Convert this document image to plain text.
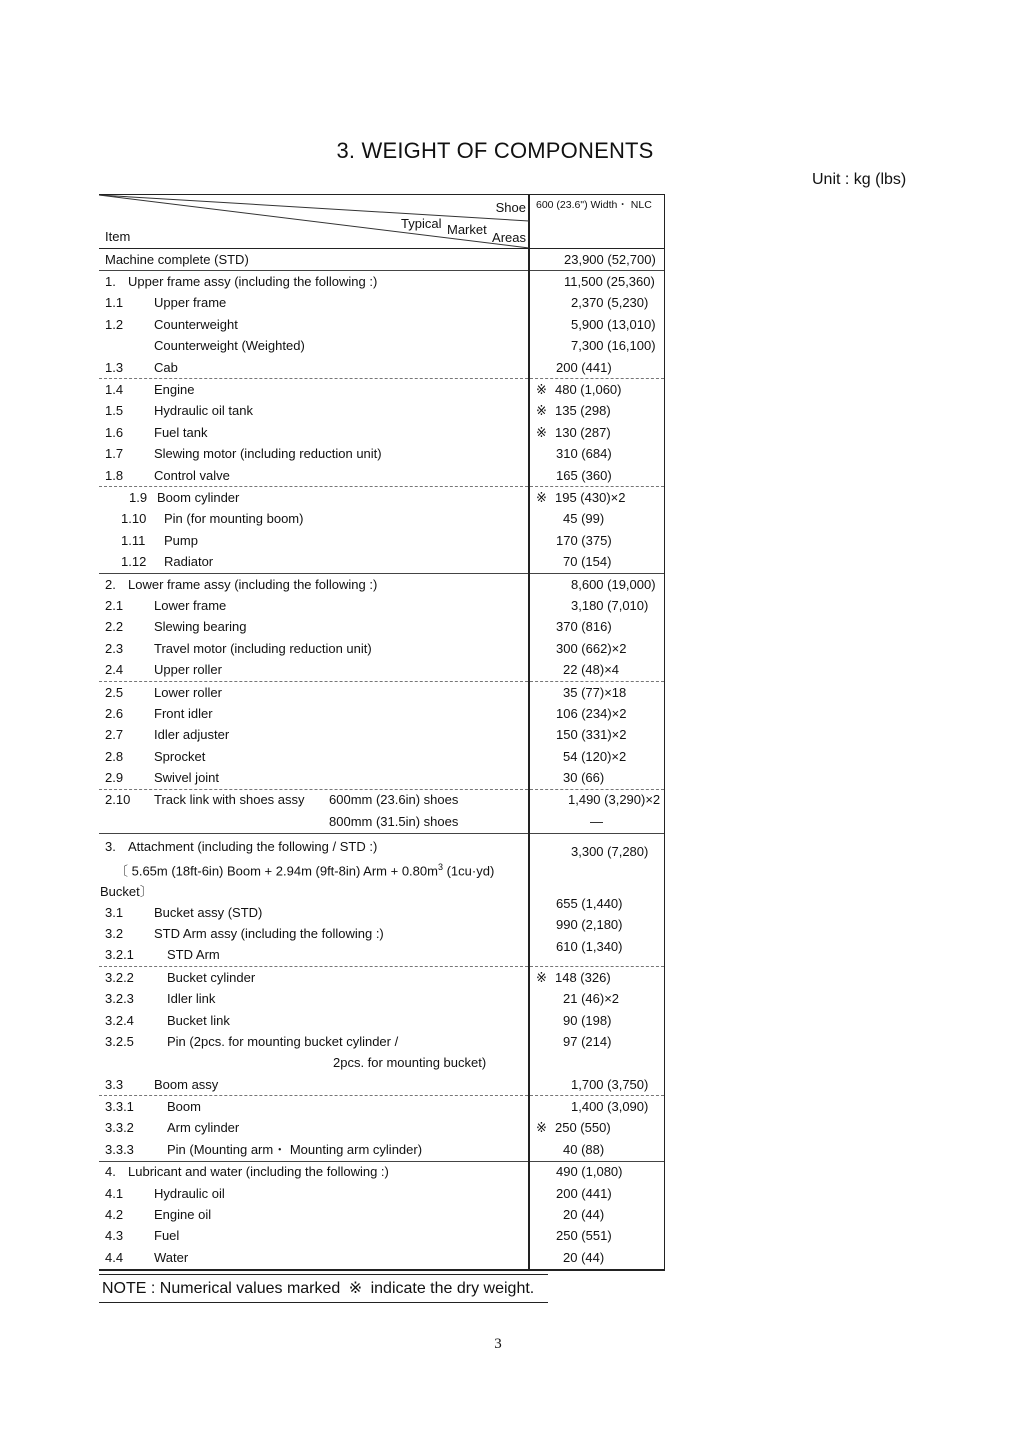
3. WEIGHT OF COMPONENTS
Unit : kg (lbs)
Shoe
Typical Market
Areas
Item	600 (23.6") Width・ NLC
Machine complete (STD)	23,900 (52,700)
1. Upper frame assy (including the following :)	11,500 (25,360)
1.1 Upper frame	2,370 (5,230)
1.2 Counterweight	5,900 (13,010)
Counterweight (Weighted)	7,300 (16,100)
1.3 Cab	200 (441)
1.4 Engine	※ 480 (1,060)
1.5 Hydraulic oil tank	※ 135 (298)
1.6 Fuel tank	※ 130 (287)
1.7 Slewing motor (including reduction unit)	310 (684)
1.8 Control valve	165 (360)
1.9 Boom cylinder	※ 195 (430)×2
1.10 Pin (for mounting boom)	45 (99)
1.11 Pump	170 (375)
1.12 Radiator	70 (154)
2. Lower frame assy (including the following :)	8,600 (19,000)
2.1 Lower frame	3,180 (7,010)
2.2 Slewing bearing	370 (816)
2.3 Travel motor (including reduction unit)	300 (662)×2
2.4 Upper roller	22 (48)×4
2.5 Lower roller	35 (77)×18
2.6 Front idler	106 (234)×2
2.7 Idler adjuster	150 (331)×2
2.8 Sprocket	54 (120)×2
2.9 Swivel joint	30 (66)
2.10 Track link with shoes assy 600mm (23.6in) shoes	1,490 (3,290)×2
800mm (31.5in) shoes	—

3. Attachment (including the following / STD :)
〔 5.65m (18ft-6in) Boom + 2.94m (9ft-8in) Arm + $0.80m^3$ (1cu·yd)
Bucket〕	3,300 (7,280)
3.1 Bucket assy (STD)	655 (1,440)
3.2 STD Arm assy (including the following :)	990 (2,180)
3.2.1 STD Arm	610 (1,340)
3.2.2 Bucket cylinder	※ 148 (326)
3.2.3 Idler link	21 (46)×2
3.2.4 Bucket link	90 (198)
3.2.5 Pin (2pcs. for mounting bucket cylinder /	97 (214)
2pcs. for mounting bucket)	
3.3 Boom assy	1,700 (3,750)
3.3.1 Boom	1,400 (3,090)
3.3.2 Arm cylinder	※ 250 (550)
3.3.3 Pin (Mounting arm・ Mounting arm cylinder)	40 (88)
4. Lubricant and water (including the following :)	490 (1,080)
4.1 Hydraulic oil	200 (441)
4.2 Engine oil	20 (44)
4.3 Fuel	250 (551)
4.4 Water	20 (44)
NOTE : Numerical values marked ※ indicate the dry weight.
3
